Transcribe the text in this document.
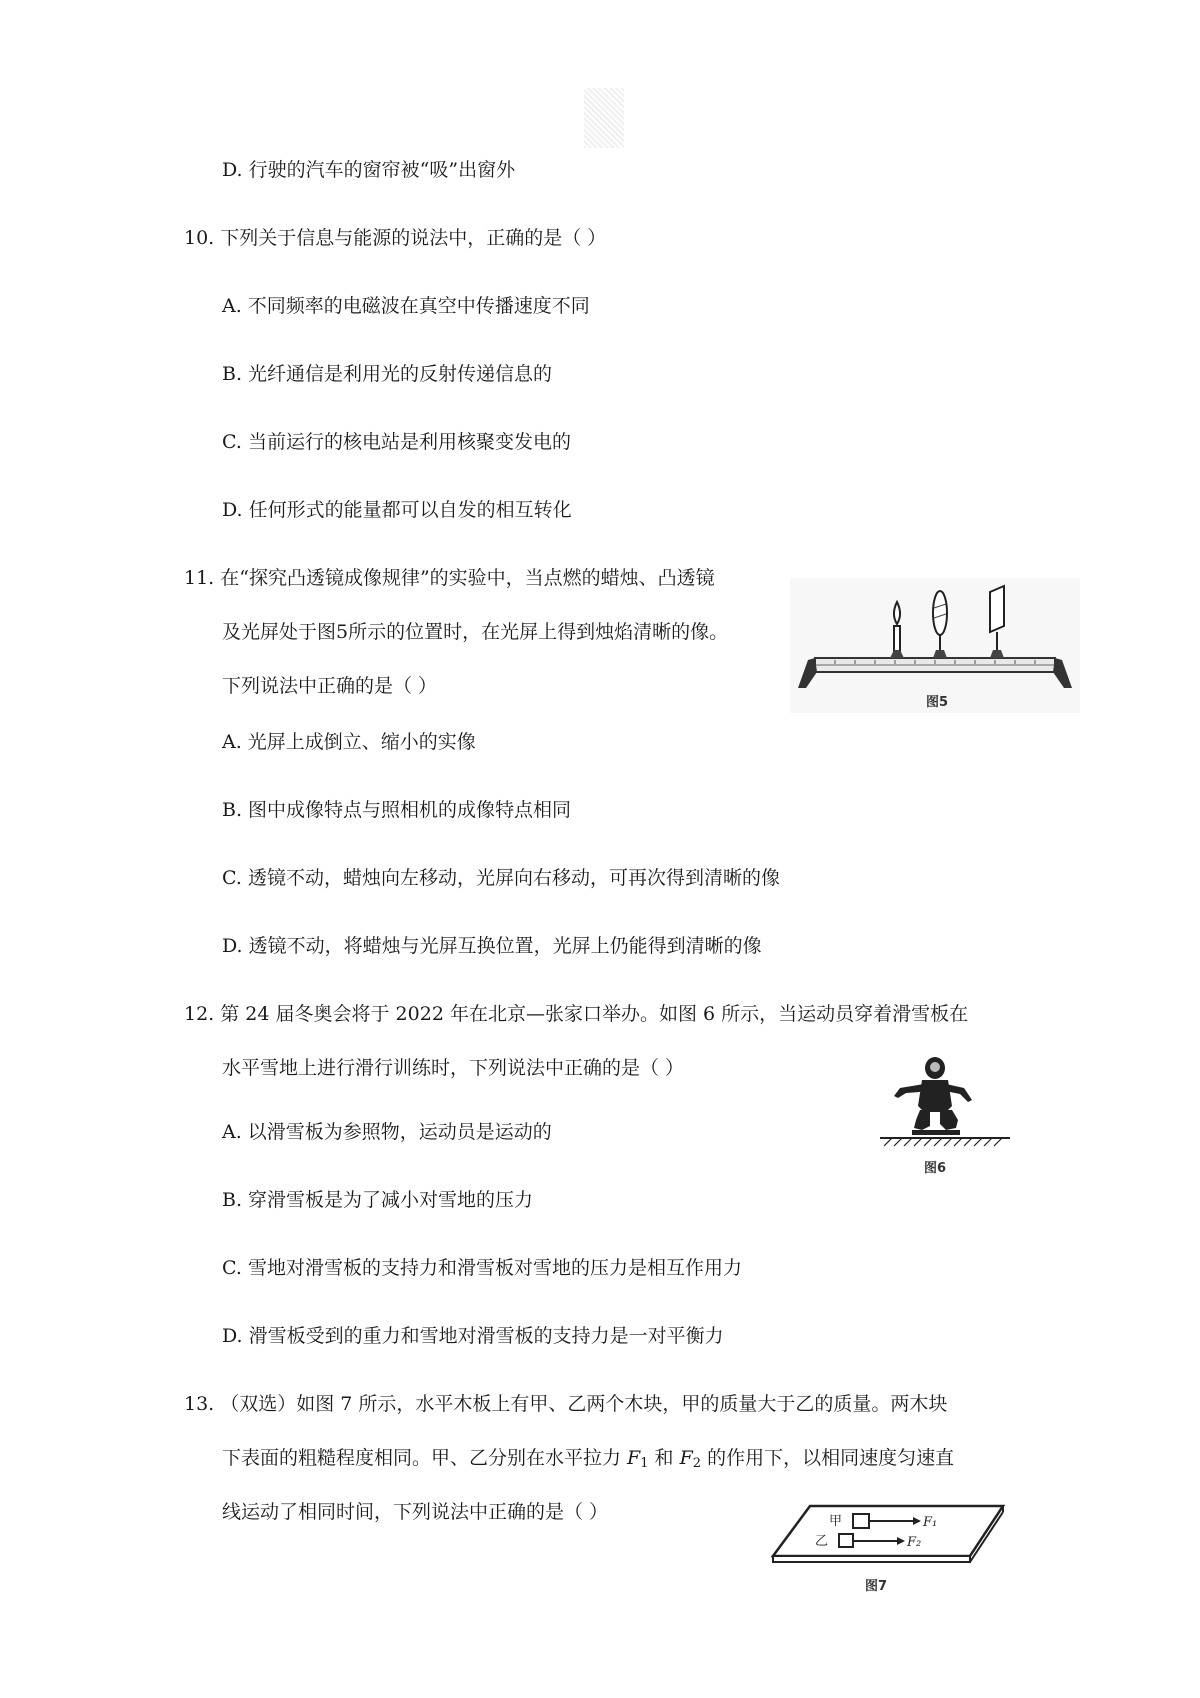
D. 行驶的汽车的窗帘被“吸”出窗外
10. 下列关于信息与能源的说法中，正确的是（ ）
A. 不同频率的电磁波在真空中传播速度不同
B. 光纤通信是利用光的反射传递信息的
C. 当前运行的核电站是利用核聚变发电的
D. 任何形式的能量都可以自发的相互转化
11. 在“探究凸透镜成像规律”的实验中，当点燃的蜡烛、凸透镜
及光屏处于图5所示的位置时，在光屏上得到烛焰清晰的像。
下列说法中正确的是（ ）
图5
A. 光屏上成倒立、缩小的实像
B. 图中成像特点与照相机的成像特点相同
C. 透镜不动，蜡烛向左移动，光屏向右移动，可再次得到清晰的像
D. 透镜不动，将蜡烛与光屏互换位置，光屏上仍能得到清晰的像
12. 第 24 届冬奥会将于 2022 年在北京—张家口举办。如图 6 所示，当运动员穿着滑雪板在
水平雪地上进行滑行训练时，下列说法中正确的是（ ）
图6
A. 以滑雪板为参照物，运动员是运动的
B. 穿滑雪板是为了减小对雪地的压力
C. 雪地对滑雪板的支持力和滑雪板对雪地的压力是相互作用力
D. 滑雪板受到的重力和雪地对滑雪板的支持力是一对平衡力
13. （双选）如图 7 所示，水平木板上有甲、乙两个木块，甲的质量大于乙的质量。两木块
下表面的粗糙程度相同。甲、乙分别在水平拉力 $F_1$ 和 $F_2$ 的作用下，以相同速度匀速直
线运动了相同时间，下列说法中正确的是（ ）	甲	F₁
乙	F₂
图7
